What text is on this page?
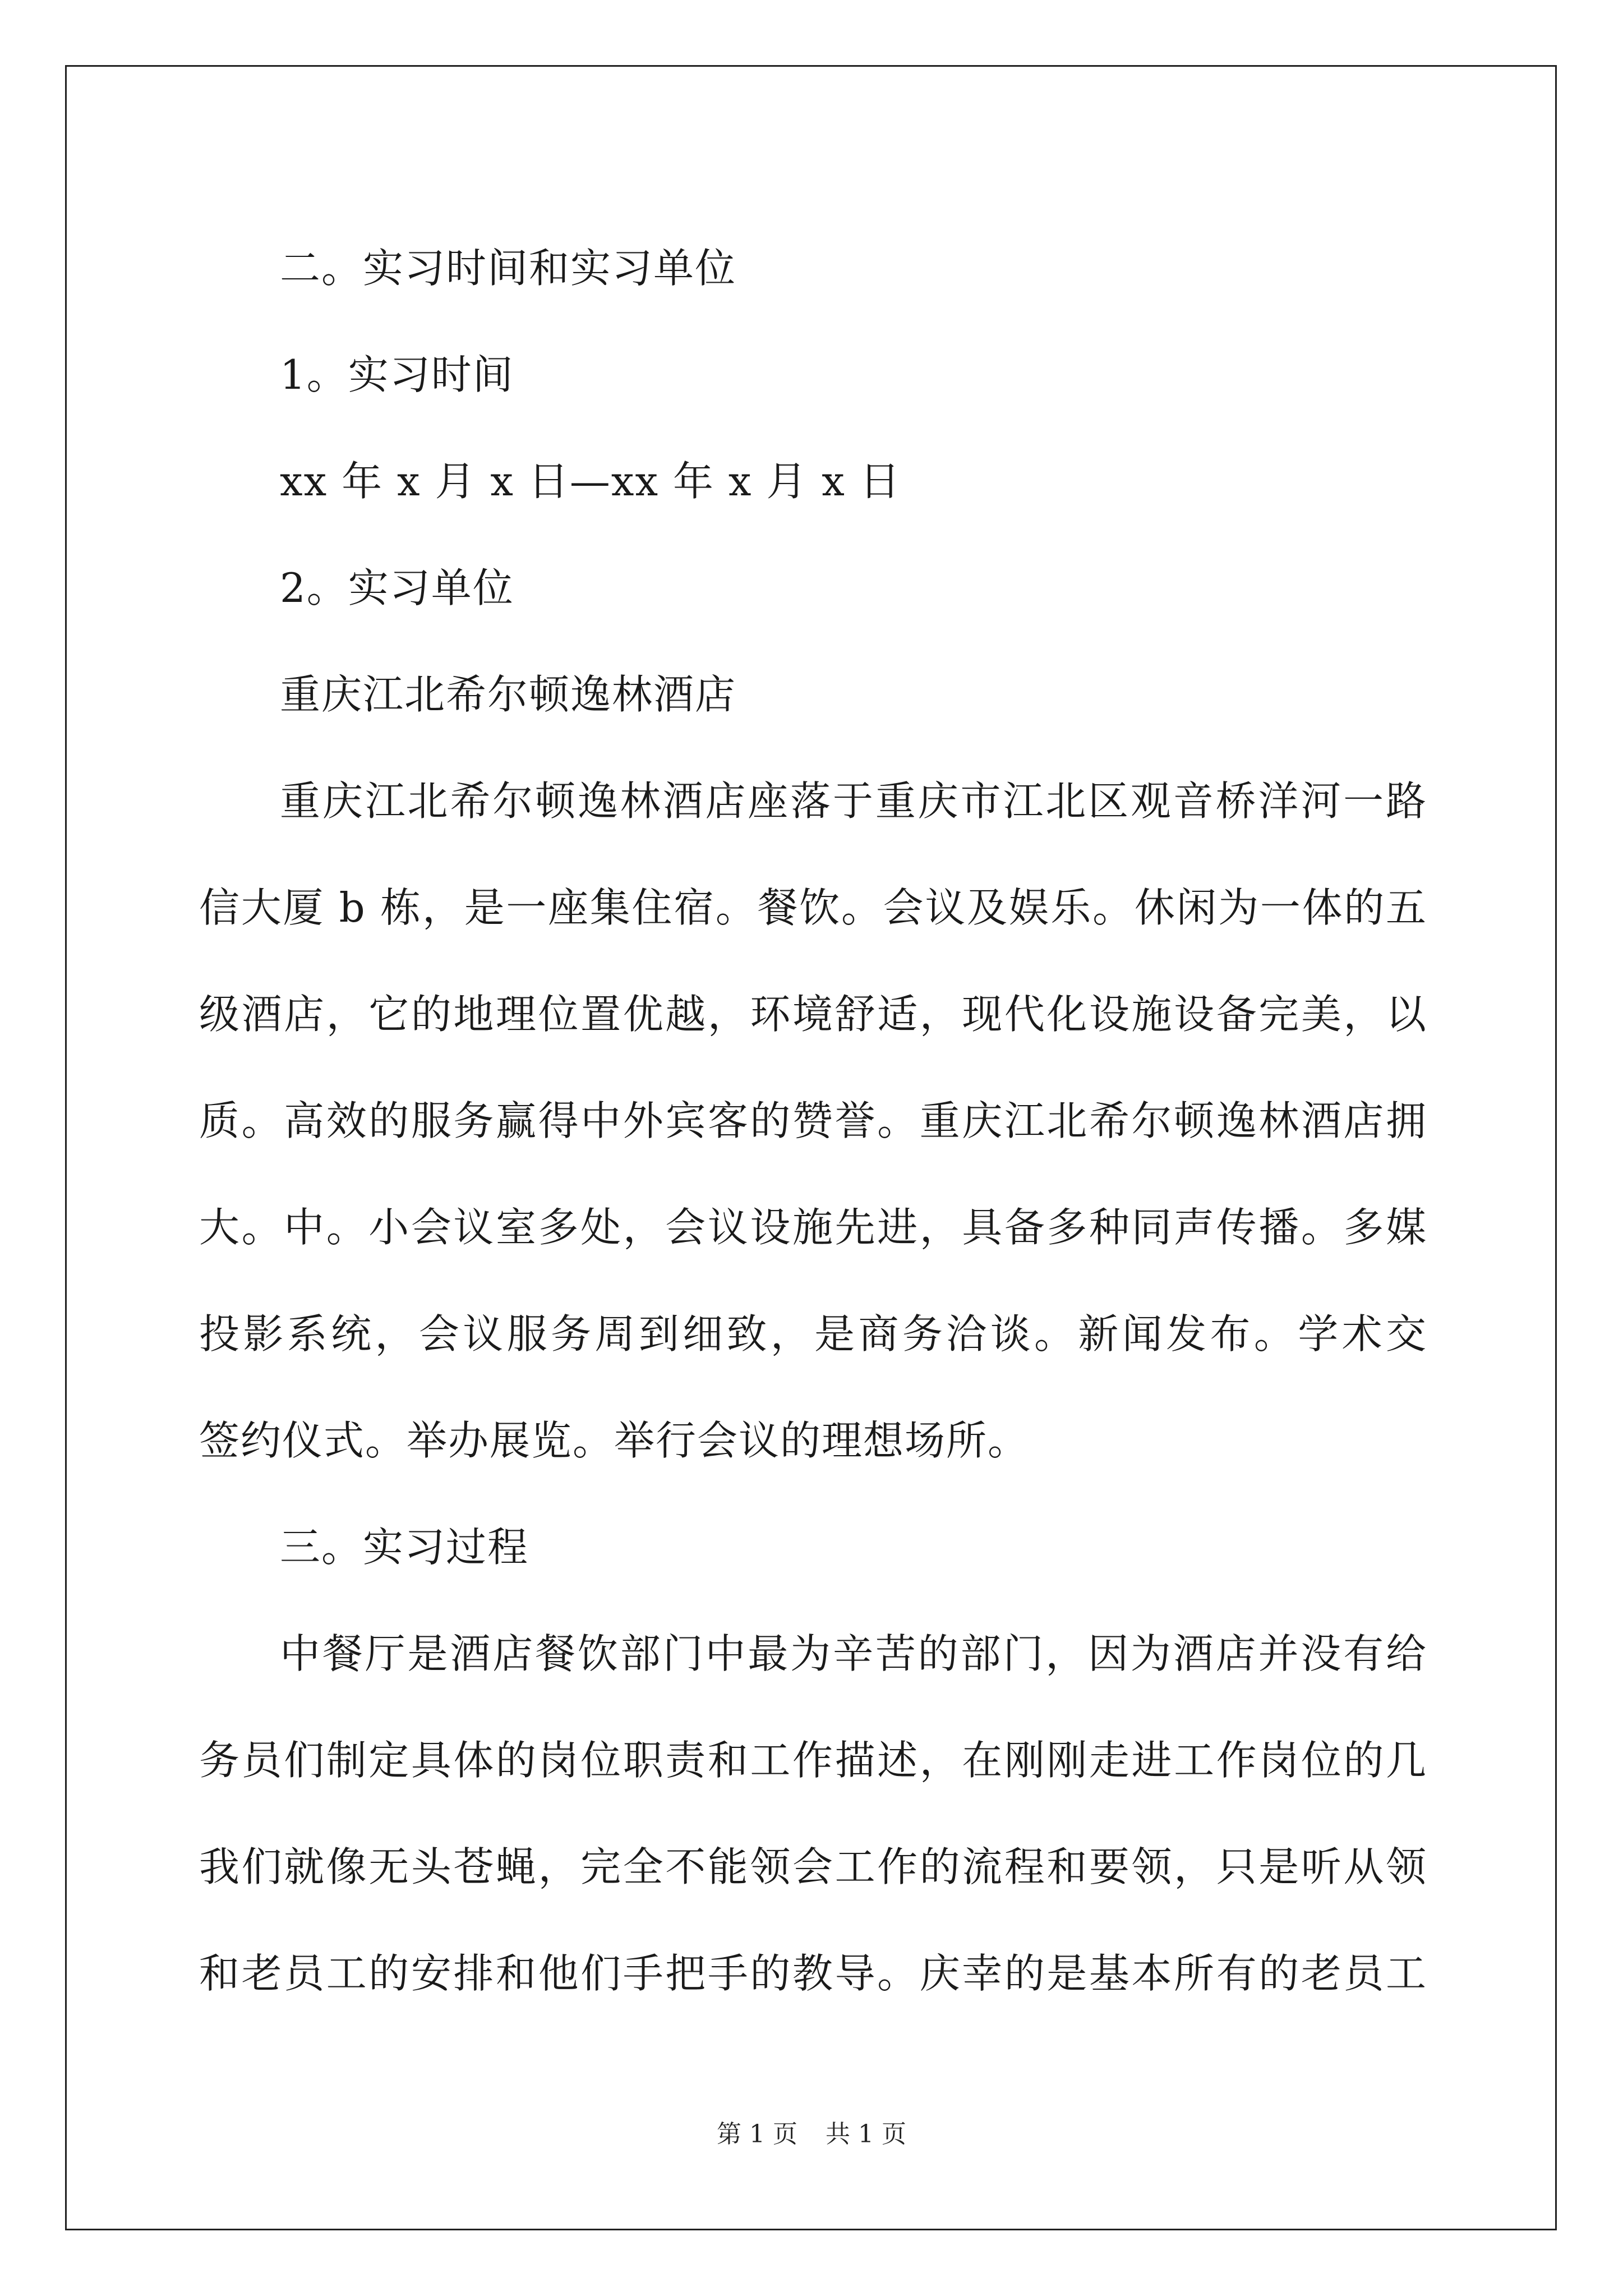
二。实习时间和实习单位
1。实习时间
xx 年 x 月 x 日—xx 年 x 月 x 日
2。实习单位
重庆江北希尔顿逸林酒店
重庆江北希尔顿逸林酒店座落于重庆市江北区观音桥洋河一路
信大厦 b 栋，是一座集住宿。餐饮。会议及娱乐。休闲为一体的五
级酒店，它的地理位置优越，环境舒适，现代化设施设备完美，以
质。高效的服务赢得中外宾客的赞誉。重庆江北希尔顿逸林酒店拥
大。中。小会议室多处，会议设施先进，具备多种同声传播。多媒
投影系统，会议服务周到细致，是商务洽谈。新闻发布。学术交
签约仪式。举办展览。举行会议的理想场所。
三。实习过程
中餐厅是酒店餐饮部门中最为辛苦的部门，因为酒店并没有给
务员们制定具体的岗位职责和工作描述，在刚刚走进工作岗位的几
我们就像无头苍蝇，完全不能领会工作的流程和要领，只是听从领
和老员工的安排和他们手把手的教导。庆幸的是基本所有的老员工
第 1 页 共 1 页
